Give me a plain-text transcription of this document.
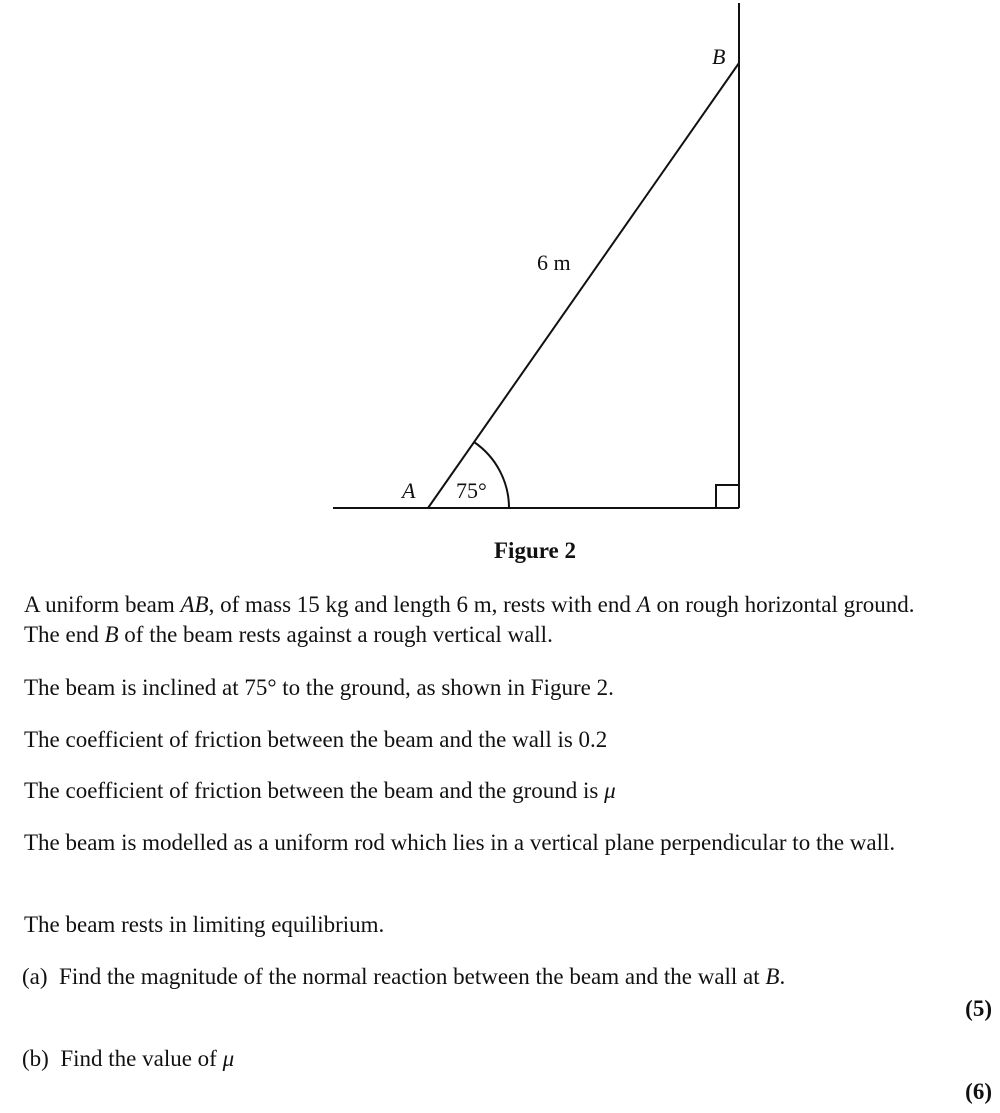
A
B
6 m
75°
Figure 2

A uniform beam AB, of mass 15 kg and length 6 m, rests with end A on rough horizontal ground. The end B of the beam rests against a rough vertical wall.

The beam is inclined at 75° to the ground, as shown in Figure 2.

The coefficient of friction between the beam and the wall is 0.2

The coefficient of friction between the beam and the ground is μ

The beam is modelled as a uniform rod which lies in a vertical plane perpendicular to the wall.

The beam rests in limiting equilibrium.

(a) Find the magnitude of the normal reaction between the beam and the wall at B.
(5)
(b) Find the value of μ
(6)
